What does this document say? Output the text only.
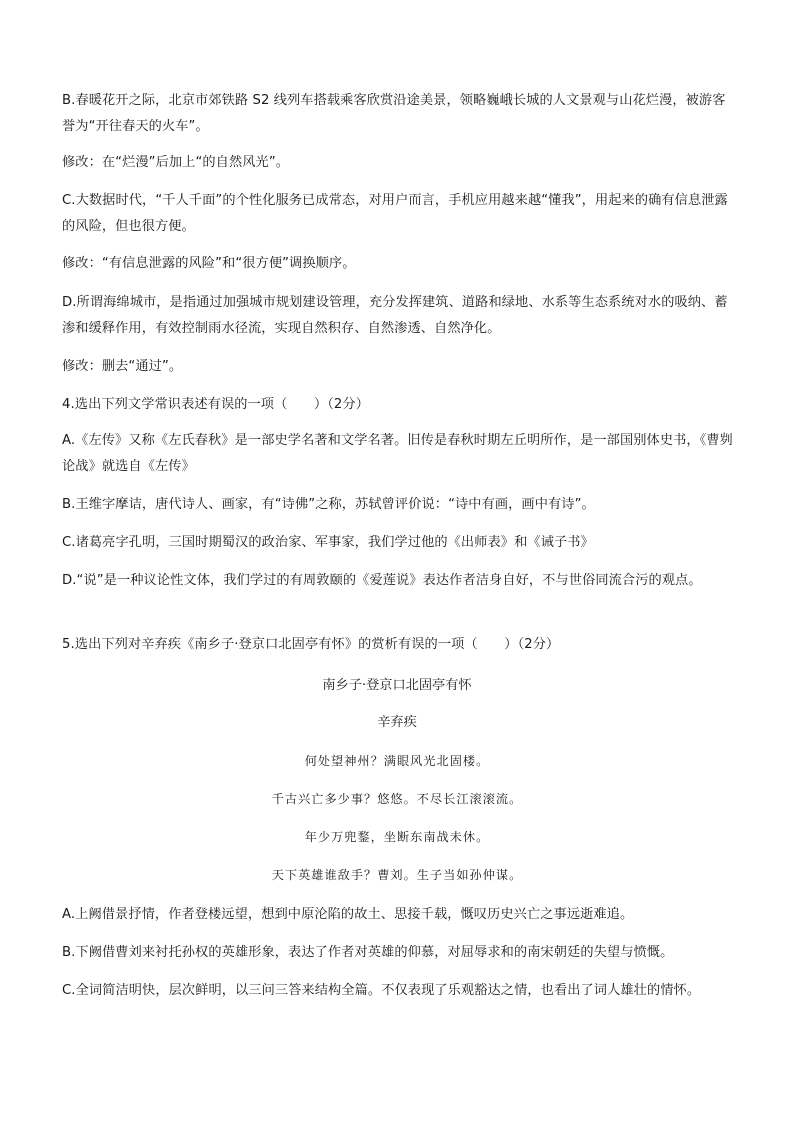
B.春暖花开之际，北京市郊铁路 S2 线列车搭载乘客欣赏沿途美景，领略巍峨长城的人文景观与山花烂漫，被游客誉为“开往春天的火车”。

修改：在“烂漫”后加上“的自然风光”。

C.大数据时代，“千人千面”的个性化服务已成常态，对用户而言，手机应用越来越“懂我”，用起来的确有信息泄露的风险，但也很方便。

修改：“有信息泄露的风险”和“很方便”调换顺序。

D.所谓海绵城市，是指通过加强城市规划建设管理，充分发挥建筑、道路和绿地、水系等生态系统对水的吸纳、蓄渗和缓释作用，有效控制雨水径流，实现自然积存、自然渗透、自然净化。

修改：删去“通过”。

4.选出下列文学常识表述有误的一项（　　）（2分）

A.《左传》又称《左氏春秋》是一部史学名著和文学名著。旧传是春秋时期左丘明所作，是一部国别体史书，《曹刿论战》就选自《左传》

B.王维字摩诘，唐代诗人、画家，有“诗佛”之称，苏轼曾评价说：“诗中有画，画中有诗”。

C.诸葛亮字孔明，三国时期蜀汉的政治家、军事家，我们学过他的《出师表》和《诫子书》

D.“说”是一种议论性文体，我们学过的有周敦颐的《爱莲说》表达作者洁身自好，不与世俗同流合污的观点。

5.选出下列对辛弃疾《南乡子·登京口北固亭有怀》的赏析有误的一项（　　）（2分）

南乡子·登京口北固亭有怀

辛弃疾

何处望神州？满眼风光北固楼。

千古兴亡多少事？悠悠。不尽长江滚滚流。

年少万兜鍪，坐断东南战未休。

天下英雄谁敌手？曹刘。生子当如孙仲谋。

A.上阙借景抒情，作者登楼远望，想到中原沦陷的故土、思接千载，慨叹历史兴亡之事远逝难追。

B.下阙借曹刘来衬托孙权的英雄形象，表达了作者对英雄的仰慕，对屈辱求和的南宋朝廷的失望与愤慨。

C.全词简洁明快，层次鲜明，以三问三答来结构全篇。不仅表现了乐观豁达之情，也看出了词人雄壮的情怀。
